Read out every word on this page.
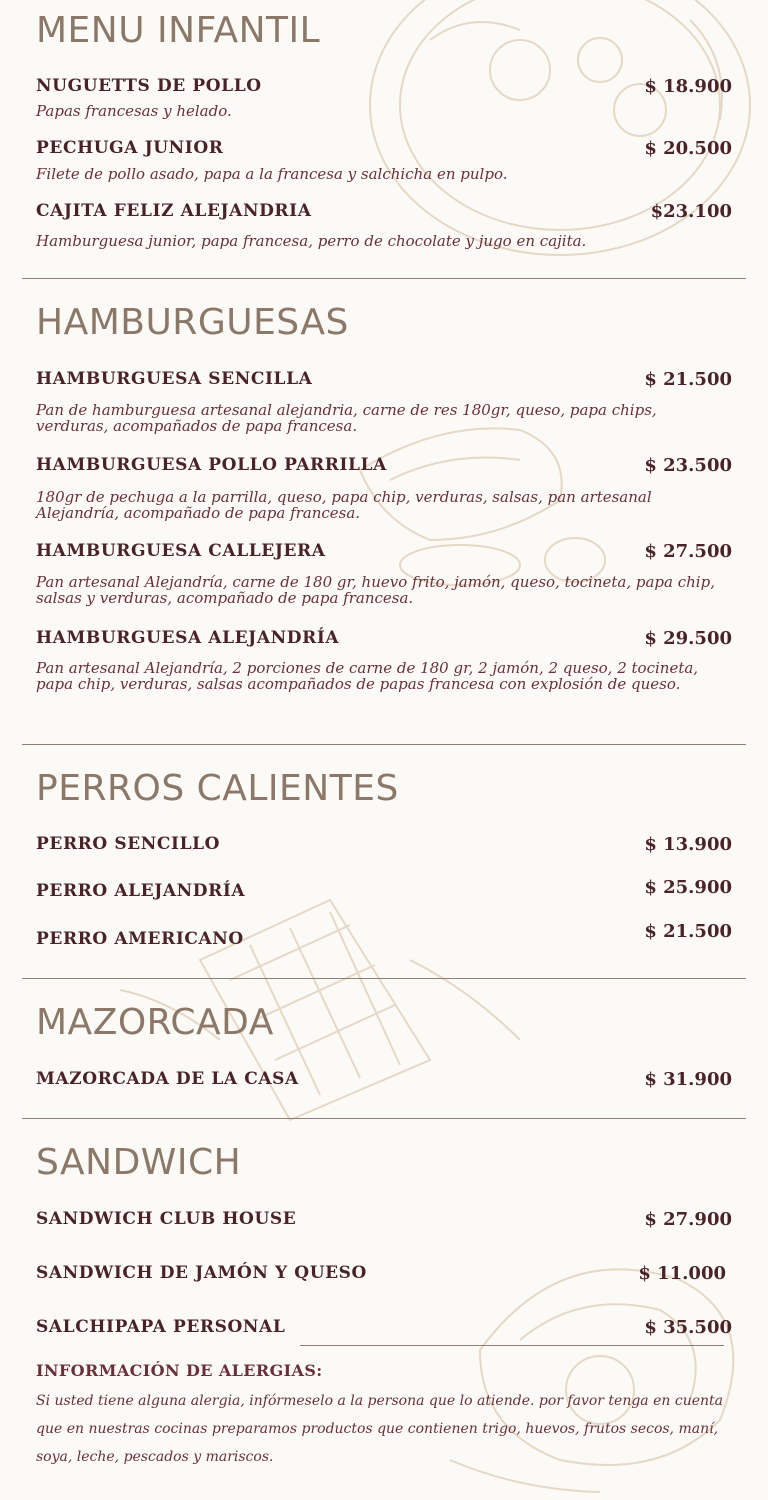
MENU INFANTIL
NUGUETTS DE POLLO	$ 18.900
Papas francesas y helado.
PECHUGA JUNIOR	$ 20.500
Filete de pollo asado, papa a la francesa y salchicha en pulpo.
CAJITA FELIZ ALEJANDRIA	$23.100
Hamburguesa junior, papa francesa, perro de chocolate y jugo en cajita.
HAMBURGUESAS
HAMBURGUESA SENCILLA	$ 21.500
Pan de hamburguesa artesanal alejandria, carne de res 180gr, queso, papa chips, verduras, acompañados de papa francesa.
HAMBURGUESA POLLO PARRILLA	$ 23.500
180gr de pechuga a la parrilla, queso, papa chip, verduras, salsas, pan artesanal Alejandría, acompañado de papa francesa.
HAMBURGUESA CALLEJERA	$ 27.500
Pan artesanal Alejandría, carne de 180 gr, huevo frito, jamón, queso, tocineta, papa chip, salsas y verduras, acompañado de papa francesa.
HAMBURGUESA ALEJANDRÍA	$ 29.500
Pan artesanal Alejandría, 2 porciones de carne de 180 gr, 2 jamón, 2 queso, 2 tocineta, papa chip, verduras, salsas acompañados de papas francesa con explosión de queso.
PERROS CALIENTES
PERRO SENCILLO	$ 13.900
PERRO ALEJANDRÍA	$ 25.900
PERRO AMERICANO	$ 21.500
MAZORCADA
MAZORCADA DE LA CASA	$ 31.900
SANDWICH
SANDWICH CLUB HOUSE	$ 27.900
SANDWICH DE JAMÓN Y QUESO	$ 11.000
SALCHIPAPA PERSONAL	$ 35.500
INFORMACIÓN DE ALERGIAS:
Si usted tiene alguna alergia, infórmeselo a la persona que lo atiende. por favor tenga en cuenta que en nuestras cocinas preparamos productos que contienen trigo, huevos, frutos secos, maní, soya, leche, pescados y mariscos.
